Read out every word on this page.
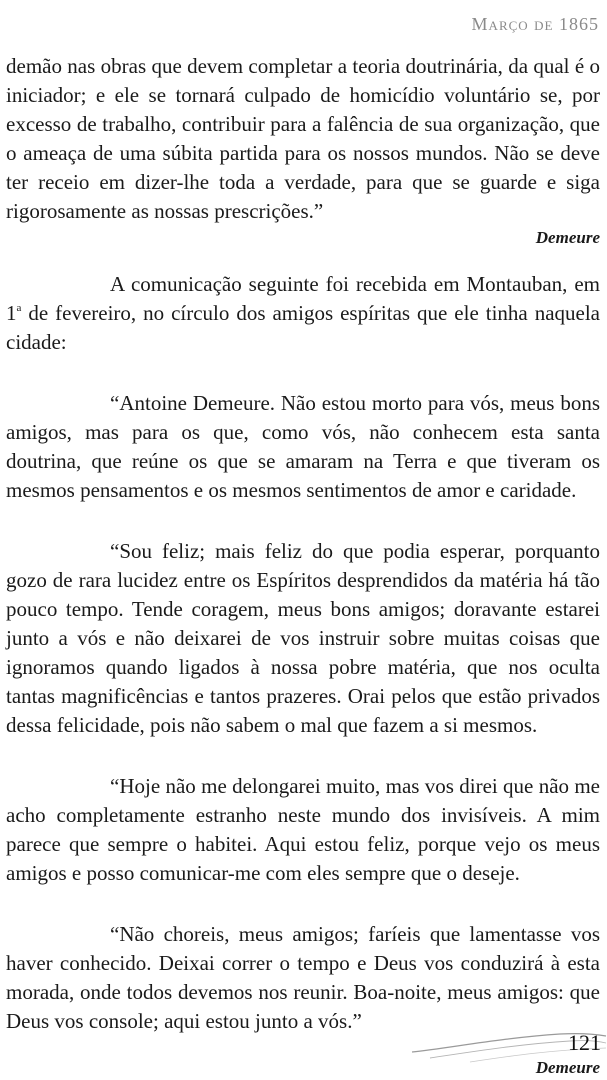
Março de 1865

demão nas obras que devem completar a teoria doutrinária, da qual é o iniciador; e ele se tornará culpado de homicídio voluntário se, por excesso de trabalho, contribuir para a falência de sua organização, que o ameaça de uma súbita partida para os nossos mundos. Não se deve ter receio em dizer-lhe toda a verdade, para que se guarde e siga rigorosamente as nossas prescrições.”

Demeure

A comunicação seguinte foi recebida em Montauban, em 1$^a$ de fevereiro, no círculo dos amigos espíritas que ele tinha naquela cidade:

“Antoine Demeure. Não estou morto para vós, meus bons amigos, mas para os que, como vós, não conhecem esta santa doutrina, que reúne os que se amaram na Terra e que tiveram os mesmos pensamentos e os mesmos sentimentos de amor e caridade.

“Sou feliz; mais feliz do que podia esperar, porquanto gozo de rara lucidez entre os Espíritos desprendidos da matéria há tão pouco tempo. Tende coragem, meus bons amigos; doravante estarei junto a vós e não deixarei de vos instruir sobre muitas coisas que ignoramos quando ligados à nossa pobre matéria, que nos oculta tantas magnificências e tantos prazeres. Orai pelos que estão privados dessa felicidade, pois não sabem o mal que fazem a si mesmos.

“Hoje não me delongarei muito, mas vos direi que não me acho completamente estranho neste mundo dos invisíveis. A mim parece que sempre o habitei. Aqui estou feliz, porque vejo os meus amigos e posso comunicar-me com eles sempre que o deseje.

“Não choreis, meus amigos; faríeis que lamentasse vos haver conhecido. Deixai correr o tempo e Deus vos conduzirá à esta morada, onde todos devemos nos reunir. Boa-noite, meus amigos: que Deus vos console; aqui estou junto a vós.”

Demeure

121
